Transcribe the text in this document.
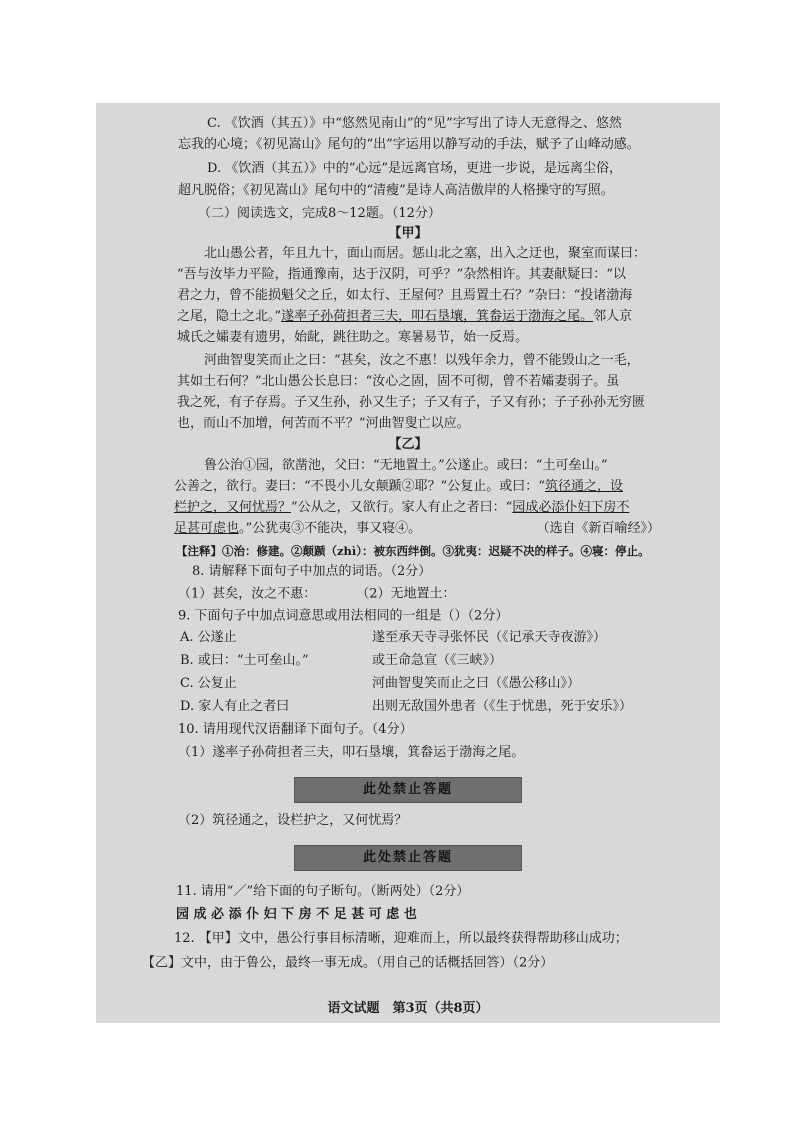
C. 《饮酒（其五）》中“悠然见南山”的“见”字写出了诗人无意得之、悠然
忘我的心境；《初见嵩山》尾句的“出”字运用以静写动的手法，赋予了山峰动感。
D. 《饮酒（其五）》中的“心远”是远离官场，更进一步说，是远离尘俗，
超凡脱俗；《初见嵩山》尾句中的“清瘦”是诗人高洁傲岸的人格操守的写照。
（二）阅读选文，完成8～12题。（12分）
【甲】
北山愚公者，年且九十，面山而居。惩山北之塞，出入之迂也，聚室而谋曰：
“吾与汝毕力平险，指通豫南，达于汉阴，可乎？”杂然相许。其妻献疑曰：“以
君之力，曾不能损魁父之丘，如太行、王屋何？且焉置土石？”杂曰：“投诸渤海
之尾，隐土之北。”遂率子孙荷担者三夫，叩石垦壤，箕畚运于渤海之尾。邻人京
城氏之孀妻有遗男，始龀，跳往助之。寒暑易节，始一反焉。
河曲智叟笑而止之曰：“甚矣，汝之不惠！以残年余力，曾不能毁山之一毛，
其如土石何？”北山愚公长息曰：“汝心之固，固不可彻，曾不若孀妻弱子。虽
我之死，有子存焉。子又生孙，孙又生子；子又有子，子又有孙；子子孙孙无穷匮
也，而山不加增，何苦而不平？”河曲智叟亡以应。
【乙】
鲁公治①园，欲凿池，父曰：“无地置土。”公遂止。或曰：“土可垒山。”
公善之，欲行。妻曰：“不畏小儿女颠踬②耶？”公复止。或曰：“筑径通之，设
栏护之，又何忧焉？”公从之，又欲行。家人有止之者曰：“园成必添仆妇下房不
足甚可虑也。”公犹夷③不能决，事又寝④。	（选自《新百喻经》）
【注释】①治：修建。②颠踬（zhì）：被东西绊倒。③犹夷：迟疑不决的样子。④寝：停止。
8. 请解释下面句子中加点的词语。（2分）
（1）甚矣，汝之不惠：	（2）无地置土：
9. 下面句子中加点词意思或用法相同的一组是（）（2分）
A. 公遂止	遂至承天寺寻张怀民（《记承天寺夜游》）
B. 或曰：“土可垒山。”	或王命急宣（《三峡》）
C. 公复止	河曲智叟笑而止之曰（《愚公移山》）
D. 家人有止之者曰	出则无敌国外患者（《生于忧患，死于安乐》）
10. 请用现代汉语翻译下面句子。（4分）
（1）遂率子孙荷担者三夫，叩石垦壤，箕畚运于渤海之尾。
此处禁止答题
（2）筑径通之，设栏护之，又何忧焉？
此处禁止答题
11. 请用“／”给下面的句子断句。（断两处）（2分）
园 成 必 添 仆 妇 下 房 不 足 甚 可 虑 也
12. 【甲】文中，愚公行事目标清晰，迎难而上，所以最终获得帮助移山成功；
【乙】文中，由于鲁公，最终一事无成。（用自己的话概括回答）（2分）
语文试题　第3页（共8页）
